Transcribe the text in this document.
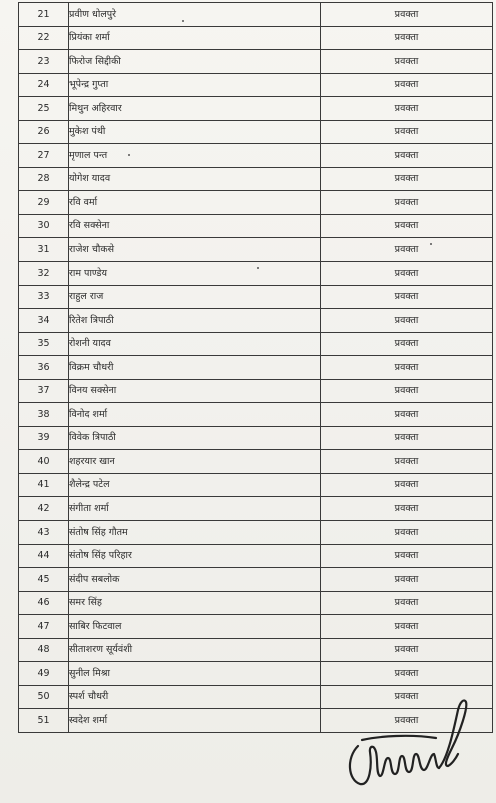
21	प्रवीण धोलपुरे	प्रवक्ता
22	प्रियंका शर्मा	प्रवक्ता
23	फिरोज सिद्दीकी	प्रवक्ता
24	भूपेन्द्र गुप्ता	प्रवक्ता
25	मिथुन अहिरवार	प्रवक्ता
26	मुकेश पंथी	प्रवक्ता
27	मृणाल पन्त	प्रवक्ता
28	योगेश यादव	प्रवक्ता
29	रवि वर्मा	प्रवक्ता
30	रवि सक्सेना	प्रवक्ता
31	राजेश चौकसे	प्रवक्ता
32	राम पाण्डेय	प्रवक्ता
33	राहुल राज	प्रवक्ता
34	रितेश त्रिपाठी	प्रवक्ता
35	रोशनी यादव	प्रवक्ता
36	विक्रम चौधरी	प्रवक्ता
37	विनय सक्सेना	प्रवक्ता
38	विनोद शर्मा	प्रवक्ता
39	विवेक त्रिपाठी	प्रवक्ता
40	शहरयार खान	प्रवक्ता
41	शैलेन्द्र पटेल	प्रवक्ता
42	संगीता शर्मा	प्रवक्ता
43	संतोष सिंह गौतम	प्रवक्ता
44	संतोष सिंह परिहार	प्रवक्ता
45	संदीप सबलोक	प्रवक्ता
46	समर सिंह	प्रवक्ता
47	साबिर फिटवाल	प्रवक्ता
48	सीताशरण सूर्यवंशी	प्रवक्ता
49	सुनील मिश्रा	प्रवक्ता
50	स्पर्श चौधरी	प्रवक्ता
51	स्वदेश शर्मा	प्रवक्ता
